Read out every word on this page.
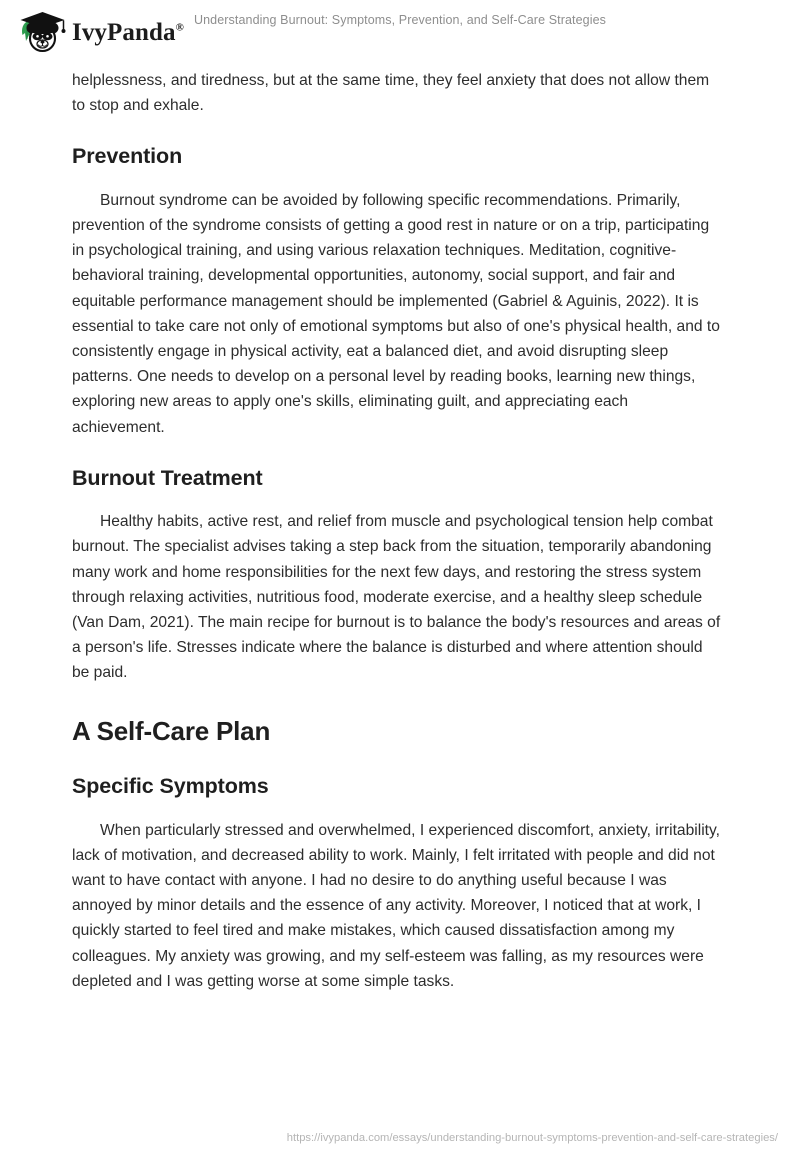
IvyPanda®
Understanding Burnout: Symptoms, Prevention, and Self-Care Strategies

helplessness, and tiredness, but at the same time, they feel anxiety that does not allow them to stop and exhale.

Prevention

Burnout syndrome can be avoided by following specific recommendations. Primarily, prevention of the syndrome consists of getting a good rest in nature or on a trip, participating in psychological training, and using various relaxation techniques. Meditation, cognitive-behavioral training, developmental opportunities, autonomy, social support, and fair and equitable performance management should be implemented (Gabriel & Aguinis, 2022). It is essential to take care not only of emotional symptoms but also of one's physical health, and to consistently engage in physical activity, eat a balanced diet, and avoid disrupting sleep patterns. One needs to develop on a personal level by reading books, learning new things, exploring new areas to apply one's skills, eliminating guilt, and appreciating each achievement.

Burnout Treatment

Healthy habits, active rest, and relief from muscle and psychological tension help combat burnout. The specialist advises taking a step back from the situation, temporarily abandoning many work and home responsibilities for the next few days, and restoring the stress system through relaxing activities, nutritious food, moderate exercise, and a healthy sleep schedule (Van Dam, 2021). The main recipe for burnout is to balance the body's resources and areas of a person's life. Stresses indicate where the balance is disturbed and where attention should be paid.

A Self-Care Plan
Specific Symptoms

When particularly stressed and overwhelmed, I experienced discomfort, anxiety, irritability, lack of motivation, and decreased ability to work. Mainly, I felt irritated with people and did not want to have contact with anyone. I had no desire to do anything useful because I was annoyed by minor details and the essence of any activity. Moreover, I noticed that at work, I quickly started to feel tired and make mistakes, which caused dissatisfaction among my colleagues. My anxiety was growing, and my self-esteem was falling, as my resources were depleted and I was getting worse at some simple tasks.

https://ivypanda.com/essays/understanding-burnout-symptoms-prevention-and-self-care-strategies/
